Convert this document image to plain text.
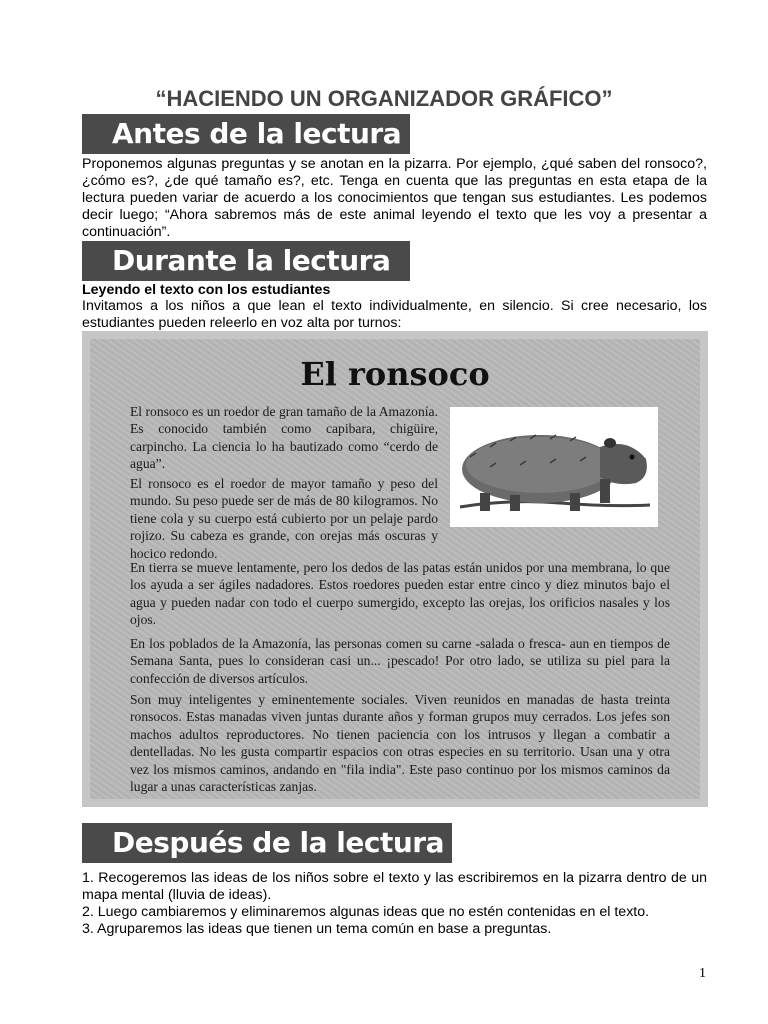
“HACIENDO UN ORGANIZADOR GRÁFICO”
Antes de la lectura

Proponemos algunas preguntas y se anotan en la pizarra. Por ejemplo, ¿qué saben del ronsoco?, ¿cómo es?, ¿de qué tamaño es?, etc. Tenga en cuenta que las preguntas en esta etapa de la lectura pueden variar de acuerdo a los conocimientos que tengan sus estudiantes. Les podemos decir luego; “Ahora sabremos más de este animal leyendo el texto que les voy a presentar a continuación”.

Durante la lectura

Leyendo el texto con los estudiantes

Invitamos a los niños a que lean el texto individualmente, en silencio. Si cree necesario, los estudiantes pueden releerlo en voz alta por turnos:

El ronsoco

El ronsoco es un roedor de gran tamaño de la Amazonía. Es conocido también como capibara, chigüire, carpincho. La ciencia lo ha bautizado como “cerdo de agua”.

El ronsoco es el roedor de mayor tamaño y peso del mundo. Su peso puede ser de más de 80 kilogramos. No tiene cola y su cuerpo está cubierto por un pelaje pardo rojizo. Su cabeza es grande, con orejas más oscuras y hocico redondo.

En tierra se mueve lentamente, pero los dedos de las patas están unidos por una membrana, lo que los ayuda a ser ágiles nadadores. Estos roedores pueden estar entre cinco y diez minutos bajo el agua y pueden nadar con todo el cuerpo sumergido, excepto las orejas, los orificios nasales y los ojos.

En los poblados de la Amazonía, las personas comen su carne -salada o fresca- aun en tiempos de Semana Santa, pues lo consideran casi un... ¡pescado! Por otro lado, se utiliza su piel para la confección de diversos artículos.

Son muy inteligentes y eminentemente sociales. Viven reunidos en manadas de hasta treinta ronsocos. Estas manadas viven juntas durante años y forman grupos muy cerrados. Los jefes son machos adultos reproductores. No tienen paciencia con los intrusos y llegan a combatir a dentelladas. No les gusta compartir espacios con otras especies en su territorio. Usan una y otra vez los mismos caminos, andando en "fila india". Este paso continuo por los mismos caminos da lugar a unas características zanjas.

Después de la lectura
1. Recogeremos las ideas de los niños sobre el texto y las escribiremos en la pizarra dentro de un mapa mental (lluvia de ideas).
2. Luego cambiaremos y eliminaremos algunas ideas que no estén contenidas en el texto.
3. Agruparemos las ideas que tienen un tema común en base a preguntas.
1
